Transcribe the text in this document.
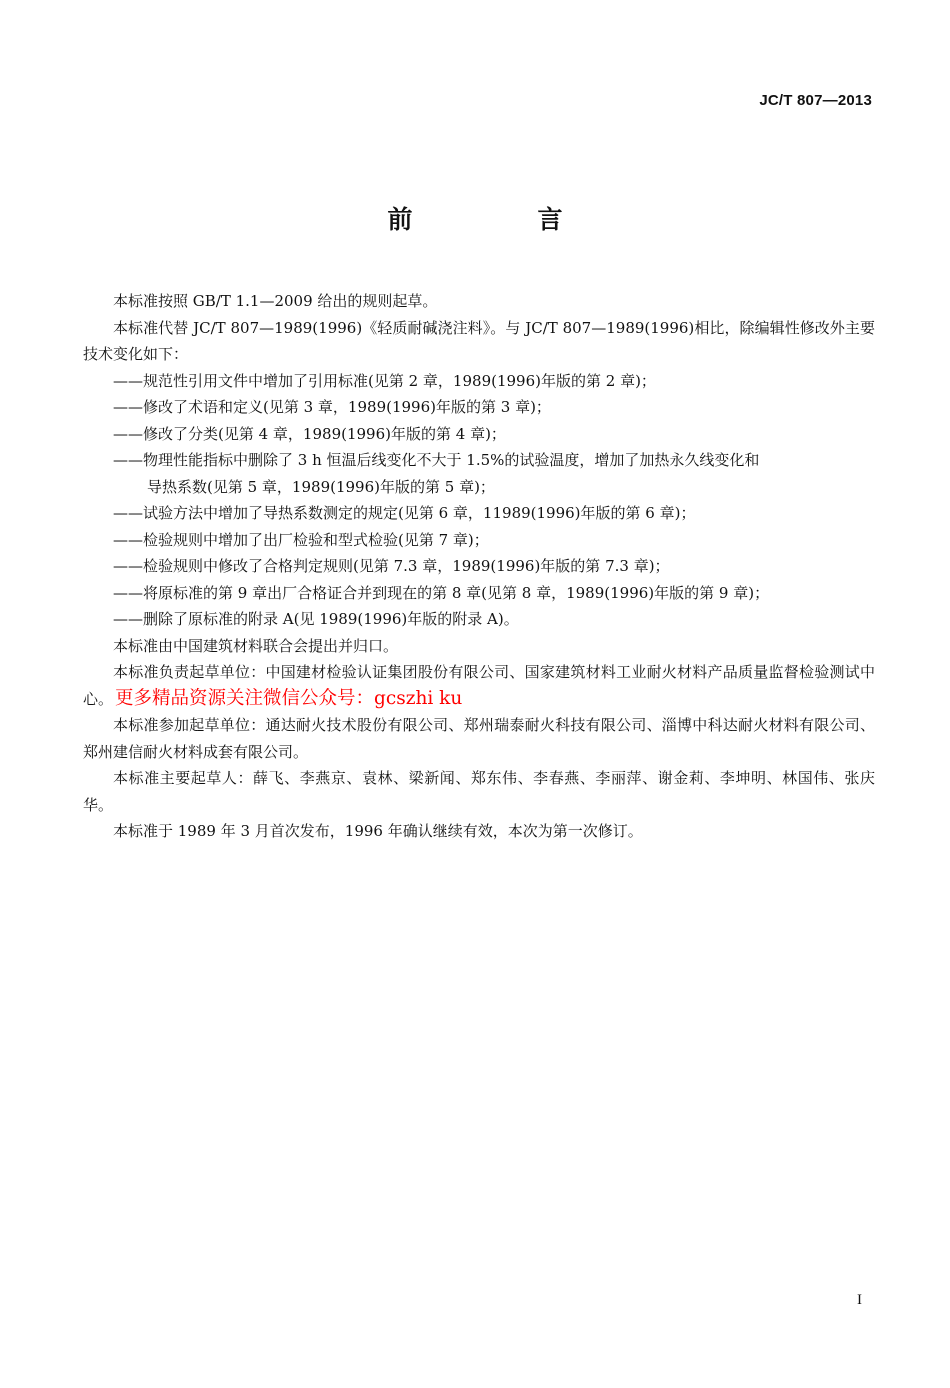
JC/T 807—2013
前　言

本标准按照 GB/T 1.1—2009 给出的规则起草。

本标准代替 JC/T 807—1989(1996)《轻质耐碱浇注料》。与 JC/T 807—1989(1996)相比，除编辑性修改外主要技术变化如下：

——规范性引用文件中增加了引用标准(见第 2 章，1989(1996)年版的第 2 章)；

——修改了术语和定义(见第 3 章，1989(1996)年版的第 3 章)；

——修改了分类(见第 4 章，1989(1996)年版的第 4 章)；

——物理性能指标中删除了 3 h 恒温后线变化不大于 1.5%的试验温度，增加了加热永久线变化和
导热系数(见第 5 章，1989(1996)年版的第 5 章)；

——试验方法中增加了导热系数测定的规定(见第 6 章，11989(1996)年版的第 6 章)；

——检验规则中增加了出厂检验和型式检验(见第 7 章)；

——检验规则中修改了合格判定规则(见第 7.3 章，1989(1996)年版的第 7.3 章)；

——将原标准的第 9 章出厂合格证合并到现在的第 8 章(见第 8 章，1989(1996)年版的第 9 章)；

——删除了原标准的附录 A(见 1989(1996)年版的附录 A)。

本标准由中国建筑材料联合会提出并归口。

本标准负责起草单位：中国建材检验认证集团股份有限公司、国家建筑材料工业耐火材料产品质量监督检验测试中心。 更多精品资源关注微信公众号：gcszhi ku

本标准参加起草单位：通达耐火技术股份有限公司、郑州瑞泰耐火科技有限公司、淄博中科达耐火材料有限公司、郑州建信耐火材料成套有限公司。

本标准主要起草人：薛飞、李燕京、袁林、梁新闻、郑东伟、李春燕、李丽萍、谢金莉、李坤明、林国伟、张庆华。

本标准于 1989 年 3 月首次发布，1996 年确认继续有效，本次为第一次修订。

I
